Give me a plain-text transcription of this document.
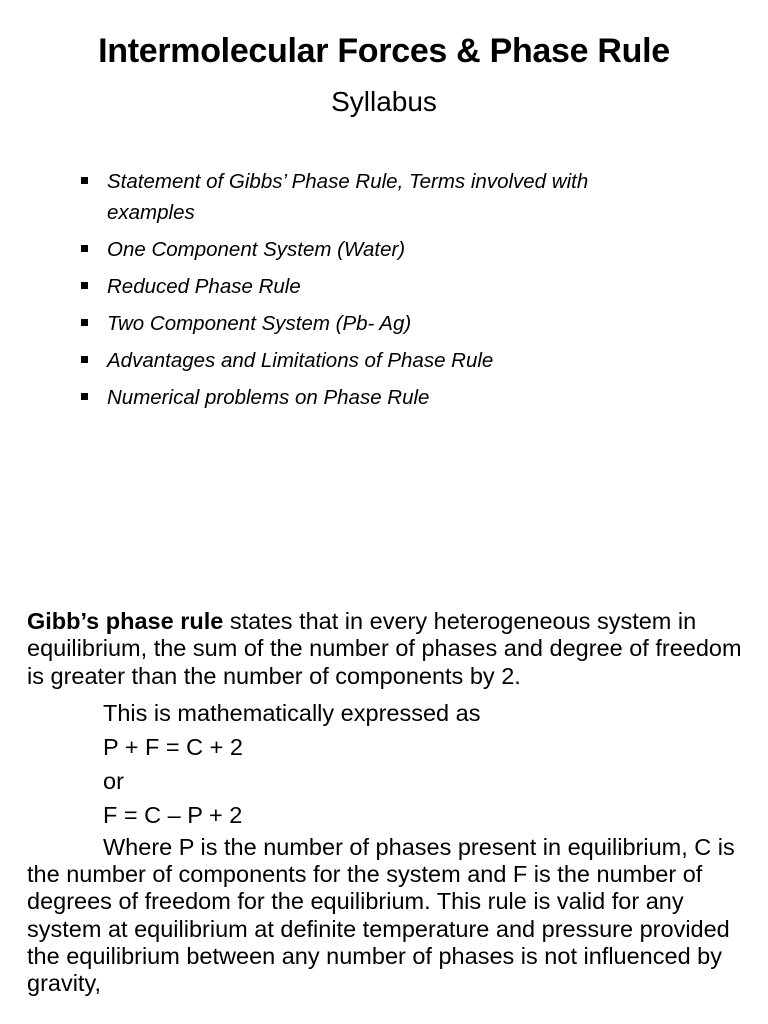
Intermolecular Forces & Phase Rule
Syllabus
Statement of Gibbs’ Phase Rule, Terms involved with examples
One Component System (Water)
Reduced Phase Rule
Two Component System (Pb- Ag)
Advantages and Limitations of Phase Rule
Numerical problems on Phase Rule

Gibb’s phase rule states that in every heterogeneous system in equilibrium, the sum of the number of phases and degree of freedom is greater than the number of components by 2.

This is mathematically expressed as

P + F = C + 2

or

F = C – P + 2

Where P is the number of phases present in equilibrium, C is the number of components for the system and F is the number of degrees of freedom for the equilibrium. This rule is valid for any system at equilibrium at definite temperature and pressure provided the equilibrium between any number of phases is not influenced by gravity,
